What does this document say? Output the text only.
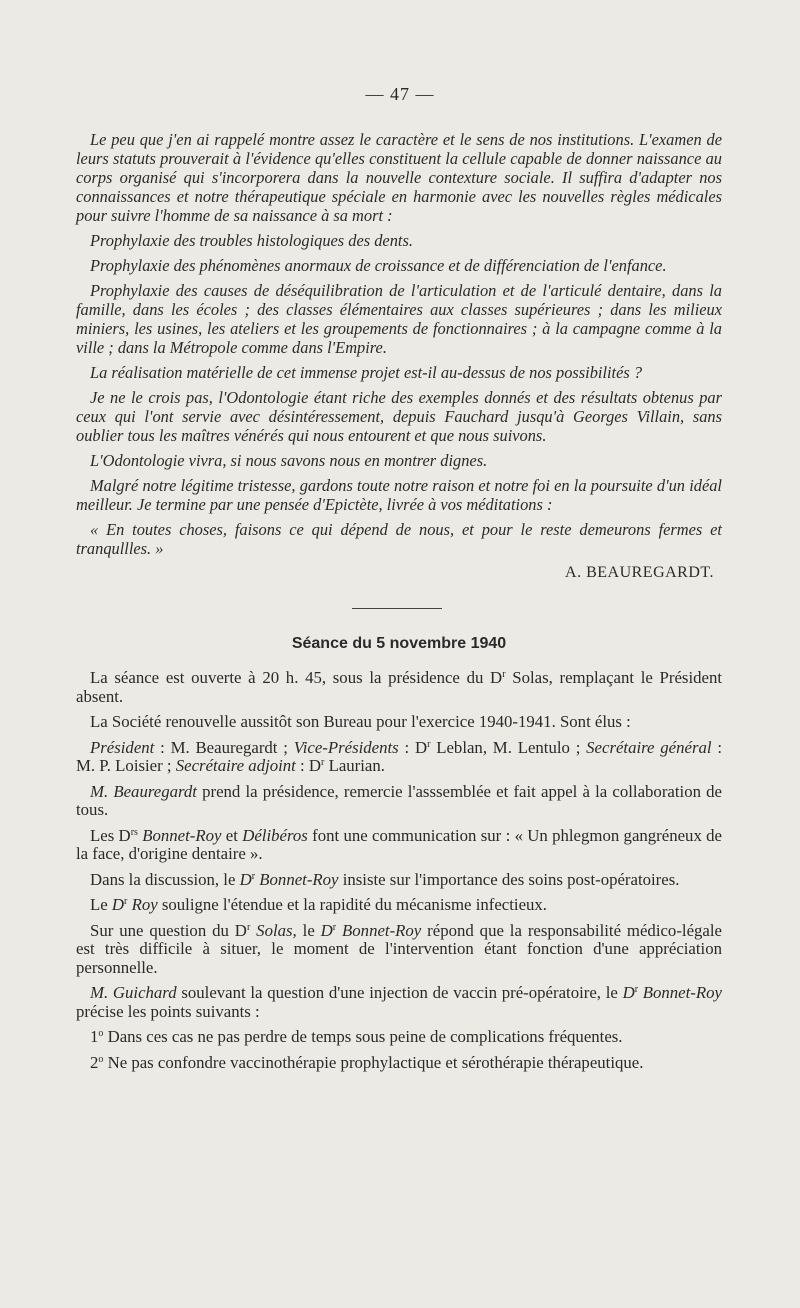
— 47 —

Le peu que j'en ai rappelé montre assez le caractère et le sens de nos institutions. L'examen de leurs statuts prouverait à l'évidence qu'elles constituent la cellule capable de donner naissance au corps organisé qui s'incorporera dans la nouvelle contexture sociale. Il suffira d'adapter nos connaissances et notre thérapeutique spéciale en harmonie avec les nouvelles règles médicales pour suivre l'homme de sa naissance à sa mort :

Prophylaxie des troubles histologiques des dents.

Prophylaxie des phénomènes anormaux de croissance et de différenciation de l'enfance.

Prophylaxie des causes de déséquilibration de l'articulation et de l'articulé dentaire, dans la famille, dans les écoles ; des classes élémentaires aux classes supérieures ; dans les milieux miniers, les usines, les ateliers et les groupements de fonctionnaires ; à la campagne comme à la ville ; dans la Métropole comme dans l'Empire.

La réalisation matérielle de cet immense projet est-il au-dessus de nos possibilités ?

Je ne le crois pas, l'Odontologie étant riche des exemples donnés et des résultats obtenus par ceux qui l'ont servie avec désintéressement, depuis Fauchard jusqu'à Georges Villain, sans oublier tous les maîtres vénérés qui nous entourent et que nous suivons.

L'Odontologie vivra, si nous savons nous en montrer dignes.

Malgré notre légitime tristesse, gardons toute notre raison et notre foi en la poursuite d'un idéal meilleur. Je termine par une pensée d'Epictète, livrée à vos méditations :

« En toutes choses, faisons ce qui dépend de nous, et pour le reste demeurons fermes et tranqullles. »

A. BEAUREGARDT.
Séance du 5 novembre 1940

La séance est ouverte à 20 h. 45, sous la présidence du $D^r$ Solas, remplaçant le Président absent.

La Société renouvelle aussitôt son Bureau pour l'exercice 1940-1941. Sont élus :

Président : M. Beauregardt ; Vice-Présidents : $D^r$ Leblan, M. Lentulo ; Secrétaire général : M. P. Loisier ; Secrétaire adjoint : $D^r$ Laurian.

M. Beauregardt prend la présidence, remercie l'asssemblée et fait appel à la collaboration de tous.

Les $D^{rs}$ Bonnet-Roy et Délibéros font une communication sur : « Un phlegmon gangréneux de la face, d'origine dentaire ».

Dans la discussion, le $D^r$ Bonnet-Roy insiste sur l'importance des soins post-opératoires.

Le $D^r$ Roy souligne l'étendue et la rapidité du mécanisme infectieux.

Sur une question du $D^r$ Solas, le $D^r$ Bonnet-Roy répond que la responsabilité médico-légale est très difficile à situer, le moment de l'intervention étant fonction d'une appréciation personnelle.

M. Guichard soulevant la question d'une injection de vaccin pré-opératoire, le $D^r$ Bonnet-Roy précise les points suivants :

1$^o$ Dans ces cas ne pas perdre de temps sous peine de complications fréquentes.

2$^o$ Ne pas confondre vaccinothérapie prophylactique et sérothérapie thérapeutique.
